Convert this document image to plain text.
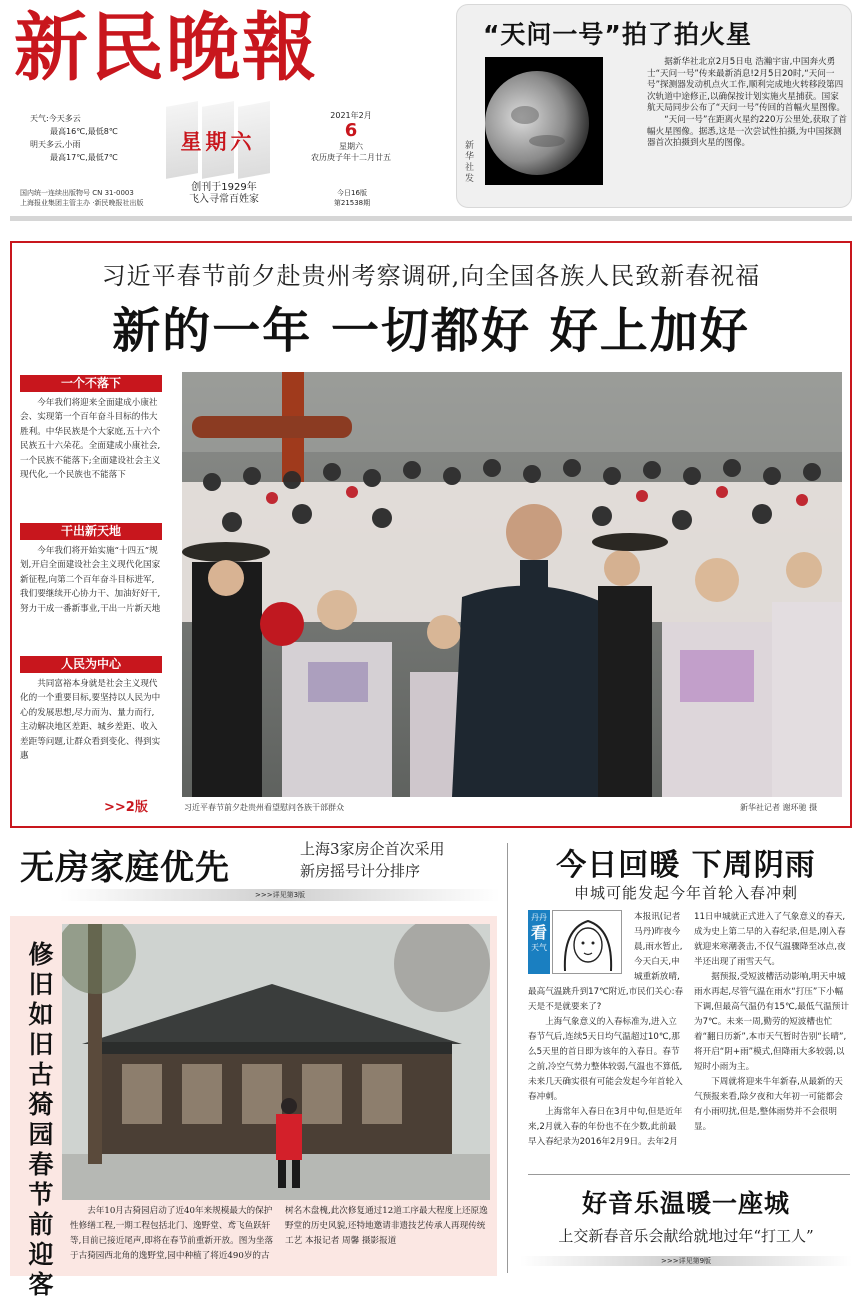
新民晚報
天气:今天多云
最高16℃,最低8℃
明天多云,小雨
最高17℃,最低7℃
星期六
2021年2月
6
星期六
农历庚子年十二月廿五
创刊于1929年
飞入寻常百姓家
国内统一连续出版物号 CN 31-0003
上海报业集团主管主办 ·新民晚报社出版
今日16版
第21538期
“天问一号”拍了拍火星
新华社 发

据新华社北京2月5日电 浩瀚宇宙,中国奔火勇士“天问一号”传来最新消息!2月5日20时,“天问一号”探测器发动机点火工作,顺利完成地火转移段第四次轨道中途修正,以确保按计划实施火星捕获。国家航天局同步公布了“天问一号”传回的首幅火星图像。

“天问一号”在距离火星约220万公里处,获取了首幅火星图像。据悉,这是一次尝试性拍摄,为中国探测器首次拍摄到火星的图像。

习近平春节前夕赴贵州考察调研,向全国各族人民致新春祝福
新的一年 一切都好 好上加好
一个不落下
今年我们将迎来全面建成小康社会、实现第一个百年奋斗目标的伟大胜利。中华民族是个大家庭,五十六个民族五十六朵花。全面建成小康社会,一个民族不能落下;全面建设社会主义现代化,一个民族也不能落下
干出新天地
今年我们将开始实施“十四五”规划,开启全面建设社会主义现代化国家新征程,向第二个百年奋斗目标进军,我们要继续开心协力干、加油好好干,努力干成一番新事业,干出一片新天地
人民为中心
共同富裕本身就是社会主义现代化的一个重要目标,要坚持以人民为中心的发展思想,尽力而为、量力而行,主动解决地区差距、城乡差距、收入差距等问题,让群众看到变化、得到实惠
>>2版	习近平春节前夕赴贵州看望慰问各族干部群众	新华社记者 谢环驰 摄
无房家庭优先	上海3家房企首次采用
新房摇号计分排序
>>>详见第3版
修旧如旧 古猗园春节前迎客
去年10月古猗园启动了近40年来规模最大的保护性修缮工程,一期工程包括北门、逸野堂、鸢飞鱼跃轩等,目前已接近尾声,即将在春节前重新开放。图为坐落于古猗园西北角的逸野堂,园中种植了将近490岁的古树名木盘槐,此次修复通过12道工序最大程度上还原逸野堂的历史风貌,还特地邀请非遗技艺传承人再现传统工艺 本报记者 周馨 摄影报道
今日回暖 下周阴雨
申城可能发起今年首轮入春冲刺
丹丹
看
天气

本报讯(记者 马丹)昨夜今晨,雨水暂止,今天白天,申城重新放晴,最高气温跳升到17℃附近,市民们关心:春天是不是就要来了?

上海气象意义的入春标准为,进入立春节气后,连续5天日均气温超过10℃,那么5天里的首日即为该年的入春日。春节之前,冷空气势力整体较弱,气温也不算低,未来几天确实很有可能会发起今年首轮入春冲刺。

上海常年入春日在3月中旬,但是近年来,2月就入春的年份也不在少数,此前最早入春纪录为2016年2月9日。去年2月11日申城就正式进入了气象意义的春天,成为史上第二早的入春纪录,但是,刚入春就迎来寒潮袭击,不仅气温骤降至冰点,夜半还出现了雨雪天气。

据预报,受短波槽活动影响,明天申城雨水再起,尽管气温在雨水“打压”下小幅下调,但最高气温仍有15℃,最低气温预计为7℃。未来一周,勤劳的短波槽也忙着“翻日历新”,本市天气暂时告别“长晴”,将开启“阴+雨”模式,但降雨大多较弱,以短时小雨为主。

下周就将迎来牛年新春,从最新的天气预报来看,除夕夜和大年初一可能都会有小雨叨扰,但是,整体雨势并不会很明显。

好音乐温暖一座城
上交新春音乐会献给就地过年“打工人”
>>>详见第9版
